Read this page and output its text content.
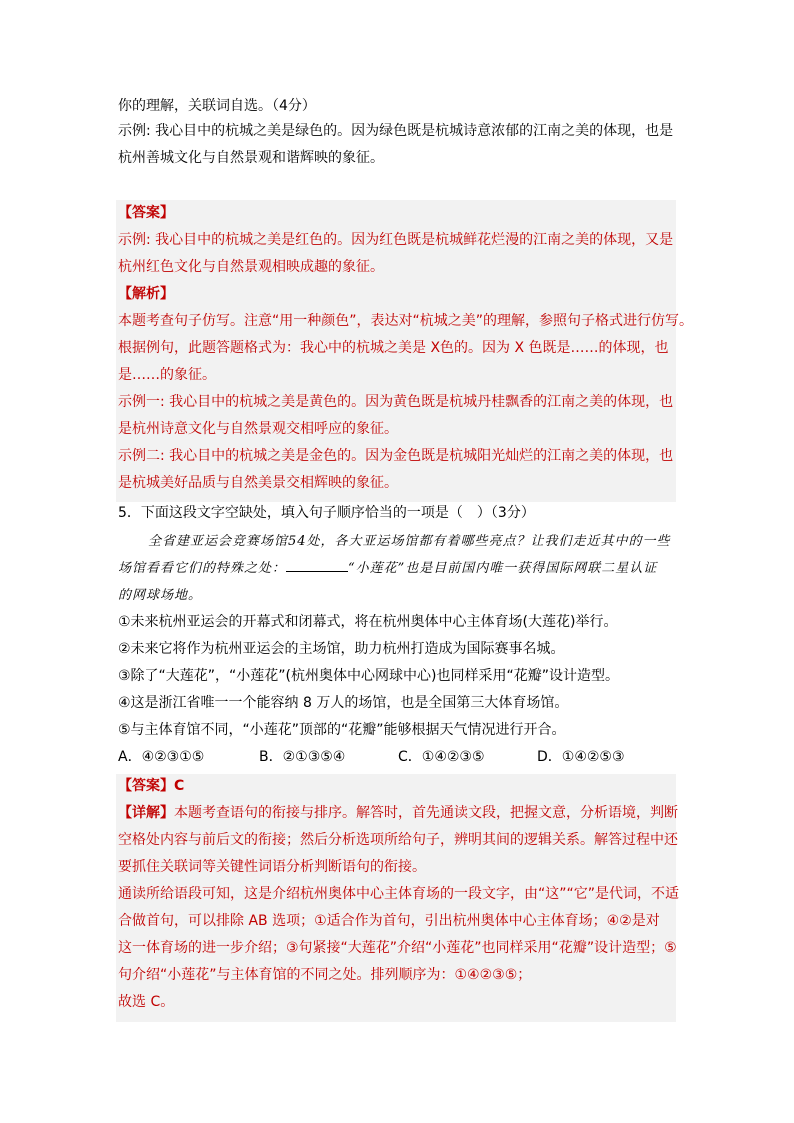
你的理解，关联词自选。（4分）
示例: 我心目中的杭城之美是绿色的。因为绿色既是杭城诗意浓郁的江南之美的体现，也是
杭州善城文化与自然景观和谐辉映的象征。
【答案】
示例: 我心目中的杭城之美是红色的。因为红色既是杭城鲜花烂漫的江南之美的体现，又是
杭州红色文化与自然景观相映成趣的象征。
【解析】
本题考查句子仿写。注意“用一种颜色”，表达对“杭城之美”的理解，参照句子格式进行仿写。
根据例句，此题答题格式为：我心中的杭城之美是 X色的。因为 X 色既是……的体现，也
是……的象征。
示例一: 我心目中的杭城之美是黄色的。因为黄色既是杭城丹桂飘香的江南之美的体现，也
是杭州诗意文化与自然景观交相呼应的象征。
示例二: 我心目中的杭城之美是金色的。因为金色既是杭城阳光灿烂的江南之美的体现，也
是杭城美好品质与自然美景交相辉映的象征。
5．下面这段文字空缺处，填入句子顺序恰当的一项是（　）（3分）
全省建亚运会竞赛场馆54处，各大亚运场馆都有着哪些亮点？让我们走近其中的一些
场馆看看它们的特殊之处：	“小莲花”也是目前国内唯一获得国际网联二星认证
的网球场地。
①未来杭州亚运会的开幕式和闭幕式，将在杭州奥体中心主体育场(大莲花)举行。
②未来它将作为杭州亚运会的主场馆，助力杭州打造成为国际赛事名城。
③除了“大莲花”，“小莲花”(杭州奥体中心网球中心)也同样采用“花瓣”设计造型。
④这是浙江省唯一一个能容纳 8 万人的场馆，也是全国第三大体育场馆。
⑤与主体育馆不同，“小莲花”顶部的“花瓣”能够根据天气情况进行开合。
A．④②③①⑤	B．②①③⑤④	C．①④②③⑤	D．①④②⑤③
【答案】C
【详解】本题考查语句的衔接与排序。解答时，首先通读文段，把握文意，分析语境，判断
空格处内容与前后文的衔接；然后分析选项所给句子，辨明其间的逻辑关系。解答过程中还
要抓住关联词等关键性词语分析判断语句的衔接。
通读所给语段可知，这是介绍杭州奥体中心主体育场的一段文字，由“这”“它”是代词，不适
合做首句，可以排除 AB 选项；①适合作为首句，引出杭州奥体中心主体育场；④②是对
这一体育场的进一步介绍；③句紧接“大莲花”介绍“小莲花”也同样采用“花瓣”设计造型；⑤
句介绍“小莲花”与主体育馆的不同之处。排列顺序为：①④②③⑤；
故选 C。
